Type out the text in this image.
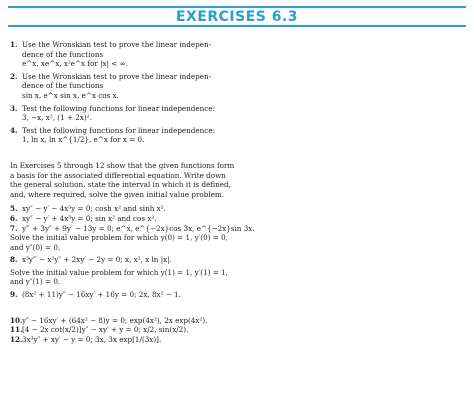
EXERCISES 6.3
1. Use the Wronskian test to prove the linear indepen-
dence of the functions
e^x, xe^x, x²e^x for |x| < ∞.
2. Use the Wronskian test to prove the linear indepen-
dence of the functions
sin x, e^x sin x, e^x cos x.
3. Test the following functions for linear independence:
3, −x, x², (1 + 2x)².
4. Test the following functions for linear independence:
1, ln x, ln x^{1/2}, e^x for x = 0.
In Exercises 5 through 12 show that the given functions form
a basis for the associated differential equation. Write down
the general solution, state the interval in which it is defined,
and, where required, solve the given initial value problem.
5. xy″ − y′ − 4x³y = 0; cosh x² and sinh x².
6. xy″ − y′ + 4x³y = 0; sin x² and cos x².
7. y‴ + 3y″ + 9y′ − 13y = 0; e^x, e^{−2x}cos 3x, e^{−2x}sin 3x.
Solve the initial value problem for which y(0) = 1, y′(0) = 0,
and y″(0) = 0.
8. x³y‴ − x²y″ + 2xy′ − 2y = 0; x, x², x ln |x|.
Solve the initial value problem for which y(1) = 1, y′(1) = 1,
and y″(1) = 0.
9. (8x² + 11)y″ − 16xy′ + 16y = 0; 2x, 8x² − 1.
10. y″ − 16xy′ + (64x² − 8)y = 0; exp(4x²), 2x exp(4x²).
11. [4 − 2x cot(x/2)]y″ − xy′ + y = 0; x/2, sin(x/2).
12. 3x³y″ + xy′ − y = 0; 3x, 3x exp[1/(3x)].
